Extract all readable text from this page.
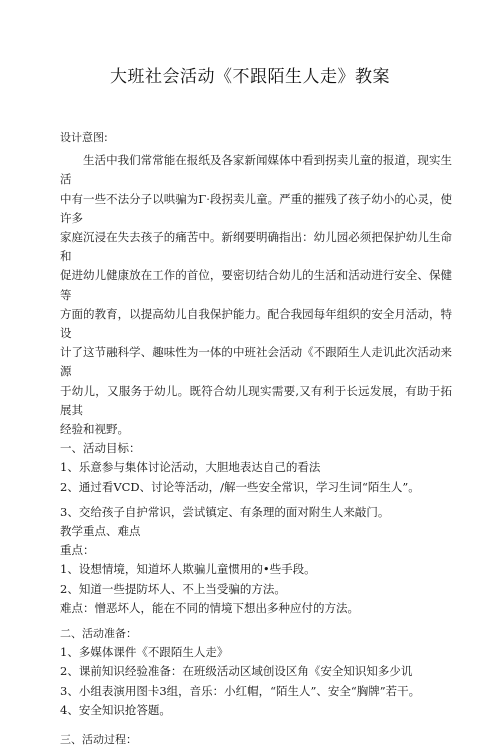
大班社会活动《不跟陌生人走》教案

设计意图:

生活中我们常常能在报纸及各家新闻媒体中看到拐卖儿童的报道，现实生活
中有一些不法分子以哄骗为Γ·段拐卖儿童。严重的摧残了孩子幼小的心灵，使许多
家庭沉浸在失去孩子的痛苦中。新纲要明确指出：幼儿园必须把保护幼儿生命和
促进幼儿健康放在工作的首位，要密切结合幼儿的生活和活动进行安全、保健等
方面的教育，以提高幼儿自我保护能力。配合我园每年组织的安全月活动，特设
计了这节融科学、趣味性为一体的中班社会活动《不跟陌生人走讥此次活动来源
于幼儿，又服务于幼儿。既符合幼儿现实需要,又有利于长远发展，有助于拓展其
经验和视野。

一、活动目标：

1、乐意参与集体讨论活动，大胆地表达自己的看法

2、通过看VCD、讨论等活动，/解一些安全常识，学习生词“陌生人”。

3、交给孩子自护常识，尝试镇定、有条理的面对附生人来敲门。

教学重点、难点

重点：

1、设想情境，知道坏人欺骗儿童惯用的•些手段。

2、知道一些提防坏人、不上当受骗的方法。

难点：憎恶坏人，能在不同的情境下想出多种应付的方法。

二、活动准备：

1、多媒体课件《不跟陌生人走》

2、课前知识经验准备：在班级活动区域创设区角《安全知识知多少讥

3、小组表演用图卡3组，音乐：小红帽，“陌生人”、安全“胸牌”若干。

4、安全知识抢答题。

三、活动过程：
